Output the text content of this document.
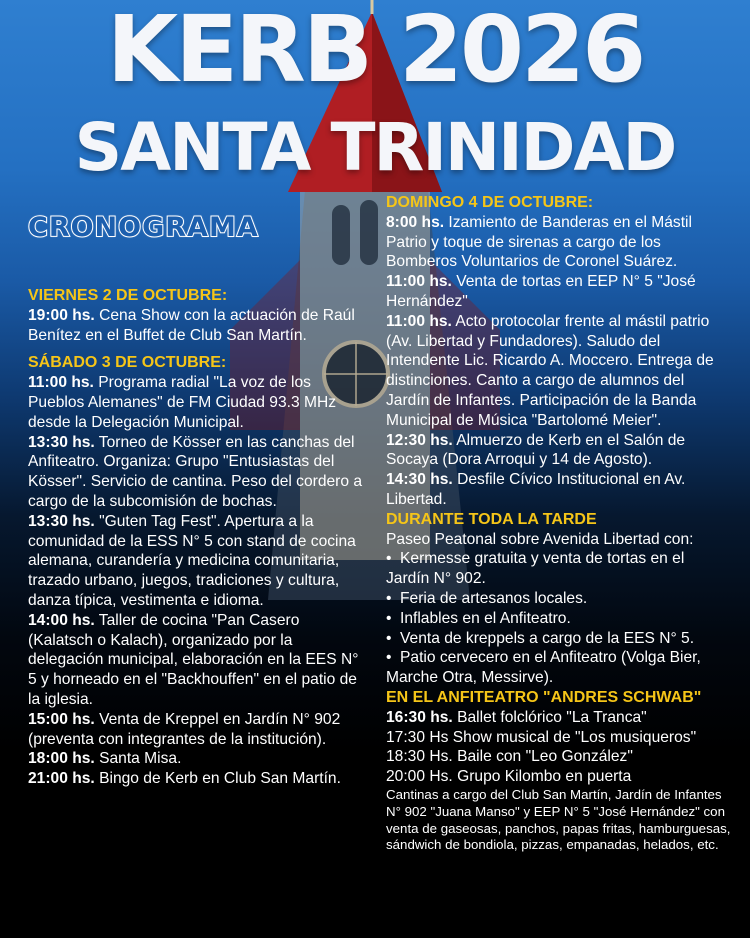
KERB 2026
SANTA TRINIDAD
CRONOGRAMA
VIERNES 2 DE OCTUBRE:
19:00 hs. Cena Show con la actuación de Raúl Benítez en el Buffet de Club San Martín.
SÁBADO 3 DE OCTUBRE:
11:00 hs. Programa radial "La voz de los Pueblos Alemanes" de FM Ciudad 93.3 MHz desde la Delegación Municipal.
13:30 hs. Torneo de Kösser en las canchas del Anfiteatro. Organiza: Grupo "Entusiastas del Kösser". Servicio de cantina. Peso del cordero a cargo de la subcomisión de bochas.
13:30 hs. "Guten Tag Fest". Apertura a la comunidad de la ESS N° 5 con stand de cocina alemana, curandería y medicina comunitaria, trazado urbano, juegos, tradiciones y cultura, danza típica, vestimenta e idioma.
14:00 hs. Taller de cocina "Pan Casero (Kalatsch o Kalach), organizado por la delegación municipal, elaboración en la EES N° 5 y horneado en el "Backhouffen" en el patio de la iglesia.
15:00 hs. Venta de Kreppel en Jardín N° 902 (preventa con integrantes de la institución).
18:00 hs. Santa Misa.
21:00 hs. Bingo de Kerb en Club San Martín.
DOMINGO 4 DE OCTUBRE:
8:00 hs. Izamiento de Banderas en el Mástil Patrio y toque de sirenas a cargo de los Bomberos Voluntarios de Coronel Suárez.
11:00 hs. Venta de tortas en EEP N° 5 "José Hernández"
11:00 hs. Acto protocolar frente al mástil patrio (Av. Libertad y Fundadores). Saludo del Intendente Lic. Ricardo A. Moccero. Entrega de distinciones. Canto a cargo de alumnos del Jardín de Infantes. Participación de la Banda Municipal de Música "Bartolomé Meier".
12:30 hs. Almuerzo de Kerb en el Salón de Socaya (Dora Arroqui y 14 de Agosto).
14:30 hs. Desfile Cívico Institucional en Av. Libertad.
DURANTE TODA LA TARDE
Paseo Peatonal sobre Avenida Libertad con:
• Kermesse gratuita y venta de tortas en el Jardín N° 902.
• Feria de artesanos locales.
• Inflables en el Anfiteatro.
• Venta de kreppels a cargo de la EES N° 5.
• Patio cervecero en el Anfiteatro (Volga Bier, Marche Otra, Messirve).
EN EL ANFITEATRO "ANDRES SCHWAB"
16:30 hs. Ballet folclórico "La Tranca"
17:30 Hs Show musical de "Los musiqueros"
18:30 Hs. Baile con "Leo González"
20:00 Hs. Grupo Kilombo en puerta
Cantinas a cargo del Club San Martín, Jardín de Infantes N° 902 "Juana Manso" y EEP N° 5 "José Hernández" con venta de gaseosas, panchos, papas fritas, hamburguesas, sándwich de bondiola, pizzas, empanadas, helados, etc.
